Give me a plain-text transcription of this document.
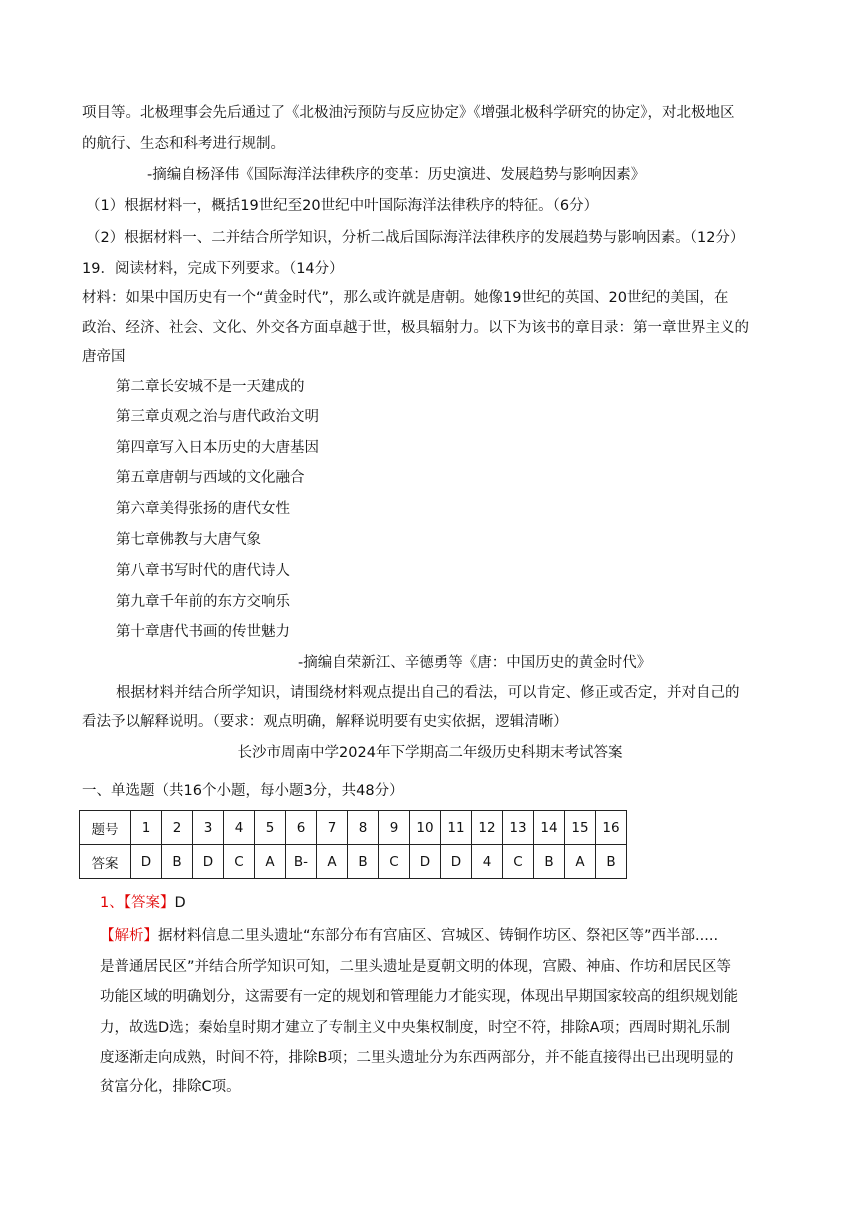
项目等。北极理事会先后通过了《北极油污预防与反应协定》《增强北极科学研究的协定》，对北极地区
的航行、生态和科考进行规制。
-摘编自杨泽伟《国际海洋法律秩序的变革：历史演进、发展趋势与影响因素》
（1）根据材料一，概括19世纪至20世纪中叶国际海洋法律秩序的特征。（6分）
（2）根据材料一、二并结合所学知识，分析二战后国际海洋法律秩序的发展趋势与影响因素。（12分）
19．阅读材料，完成下列要求。（14分）
材料：如果中国历史有一个“黄金时代”，那么或许就是唐朝。她像19世纪的英国、20世纪的美国，在
政治、经济、社会、文化、外交各方面卓越于世，极具辐射力。以下为该书的章目录：第一章世界主义的
唐帝国
第二章长安城不是一天建成的
第三章贞观之治与唐代政治文明
第四章写入日本历史的大唐基因
第五章唐朝与西域的文化融合
第六章美得张扬的唐代女性
第七章佛教与大唐气象
第八章书写时代的唐代诗人
第九章千年前的东方交响乐
第十章唐代书画的传世魅力
-摘编自荣新江、辛德勇等《唐：中国历史的黄金时代》
根据材料并结合所学知识，请围绕材料观点提出自己的看法，可以肯定、修正或否定，并对自己的
看法予以解释说明。（要求：观点明确，解释说明要有史实依据，逻辑清晰）
长沙市周南中学2024年下学期高二年级历史科期末考试答案
一、单选题（共16个小题，每小题3分，共48分）
题号	1	2	3	4	5	6	7	8	9	10	11	12	13	14	15	16
答案	D	B	D	C	A	B-	A	B	C	D	D	4	C	B	A	B
1、【答案】D
【解析】据材料信息二里头遗址“东部分布有宫庙区、宫城区、铸铜作坊区、祭祀区等”西半部.....
是普通居民区”并结合所学知识可知，二里头遗址是夏朝文明的体现，宫殿、神庙、作坊和居民区等
功能区域的明确划分，这需要有一定的规划和管理能力才能实现，体现出早期国家较高的组织规划能
力，故选D选；秦始皇时期才建立了专制主义中央集权制度，时空不符，排除A项；西周时期礼乐制
度逐渐走向成熟，时间不符，排除B项；二里头遗址分为东西两部分，并不能直接得出已出现明显的
贫富分化，排除C项。
